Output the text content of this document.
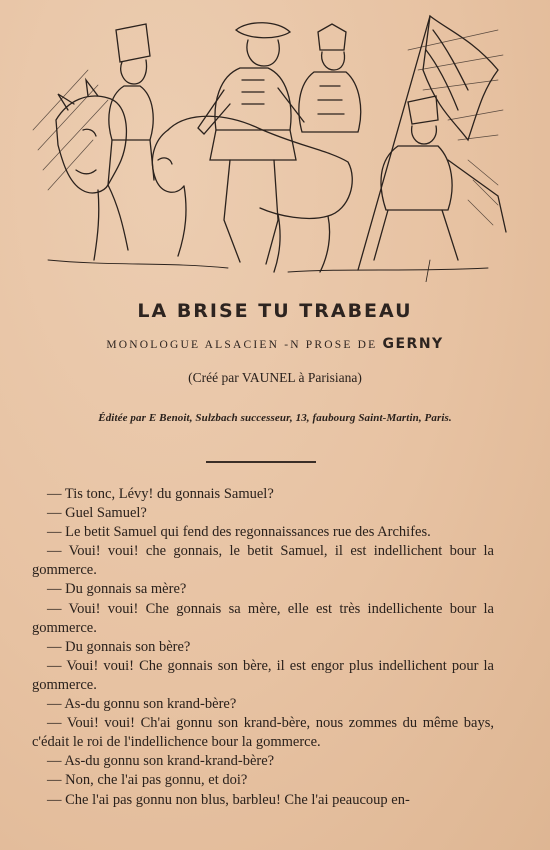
LA BRISE TU TRABEAU
MONOLOGUE ALSACIEN -N PROSE DE GERNY
(Créé par VAUNEL à Parisiana)
Éditée par E Benoit, Sulzbach successeur, 13, faubourg Saint-Martin, Paris.

— Tis tonc, Lévy! du gonnais Samuel?

— Guel Samuel?

— Le betit Samuel qui fend des regonnaissances rue des Archifes.

— Voui! voui! che gonnais, le betit Samuel, il est indellichent bour la gommerce.

— Du gonnais sa mère?

— Voui! voui! Che gonnais sa mère, elle est très indellichente bour la gommerce.

— Du gonnais son bère?

— Voui! voui! Che gonnais son bère, il est engor plus indellichent pour la gommerce.

— As-du gonnu son krand-bère?

— Voui! voui! Ch'ai gonnu son krand-bère, nous zommes du même bays, c'édait le roi de l'indellichence bour la gommerce.

— As-du gonnu son krand-krand-bère?

— Non, che l'ai pas gonnu, et doi?

— Che l'ai pas gonnu non blus, barbleu! Che l'ai peaucoup en-
